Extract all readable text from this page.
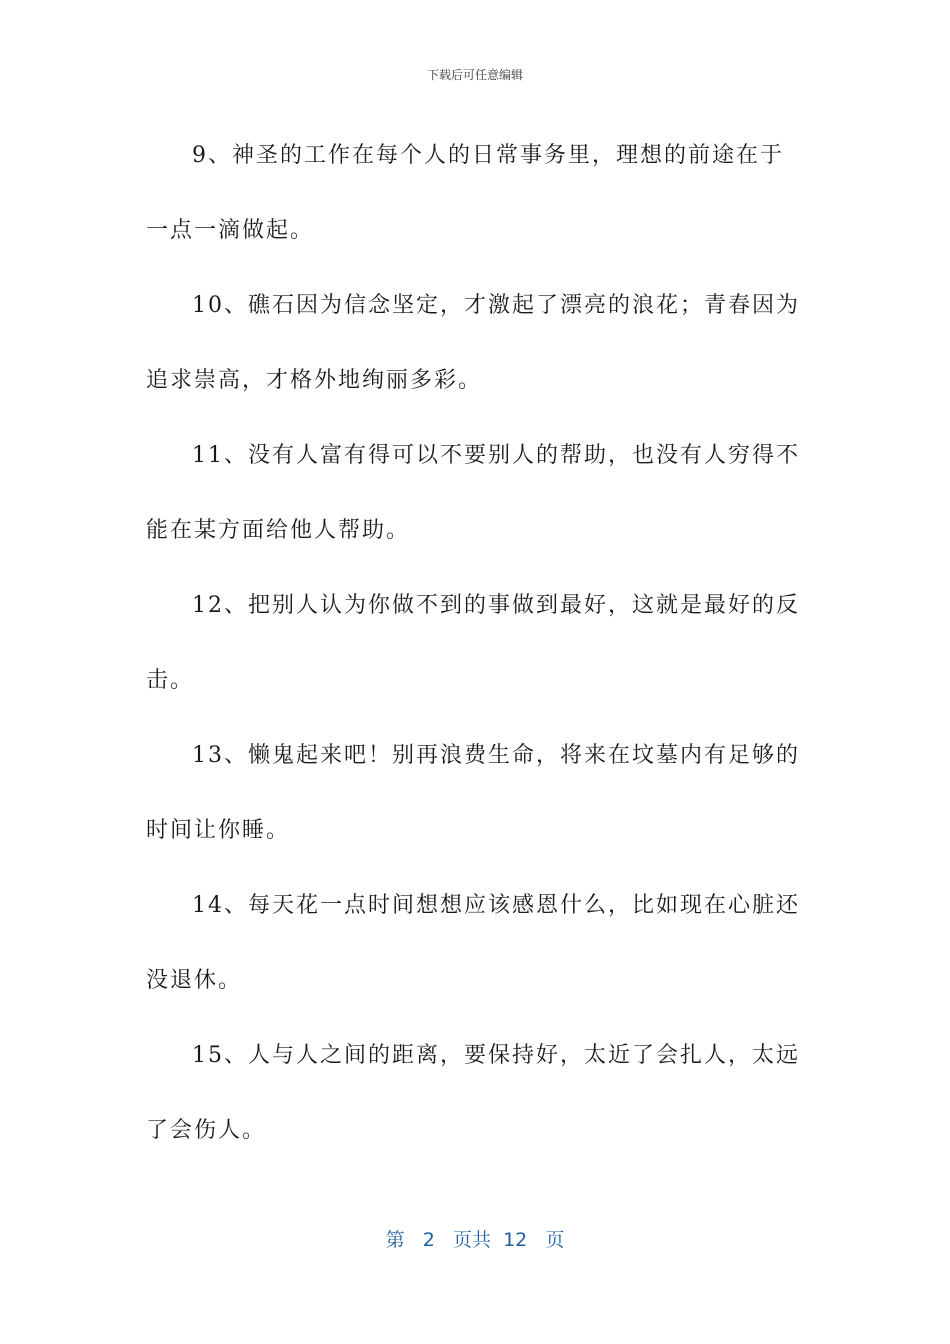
下载后可任意编辑

9、神圣的工作在每个人的日常事务里，理想的前途在于一点一滴做起。

10、礁石因为信念坚定，才激起了漂亮的浪花；青春因为追求崇高，才格外地绚丽多彩。

11、没有人富有得可以不要别人的帮助，也没有人穷得不能在某方面给他人帮助。

12、把别人认为你做不到的事做到最好，这就是最好的反击。

13、懒鬼起来吧！别再浪费生命，将来在坟墓内有足够的时间让你睡。

14、每天花一点时间想想应该感恩什么，比如现在心脏还没退休。

15、人与人之间的距离，要保持好，太近了会扎人，太远了会伤人。

第 2 页共 12 页
